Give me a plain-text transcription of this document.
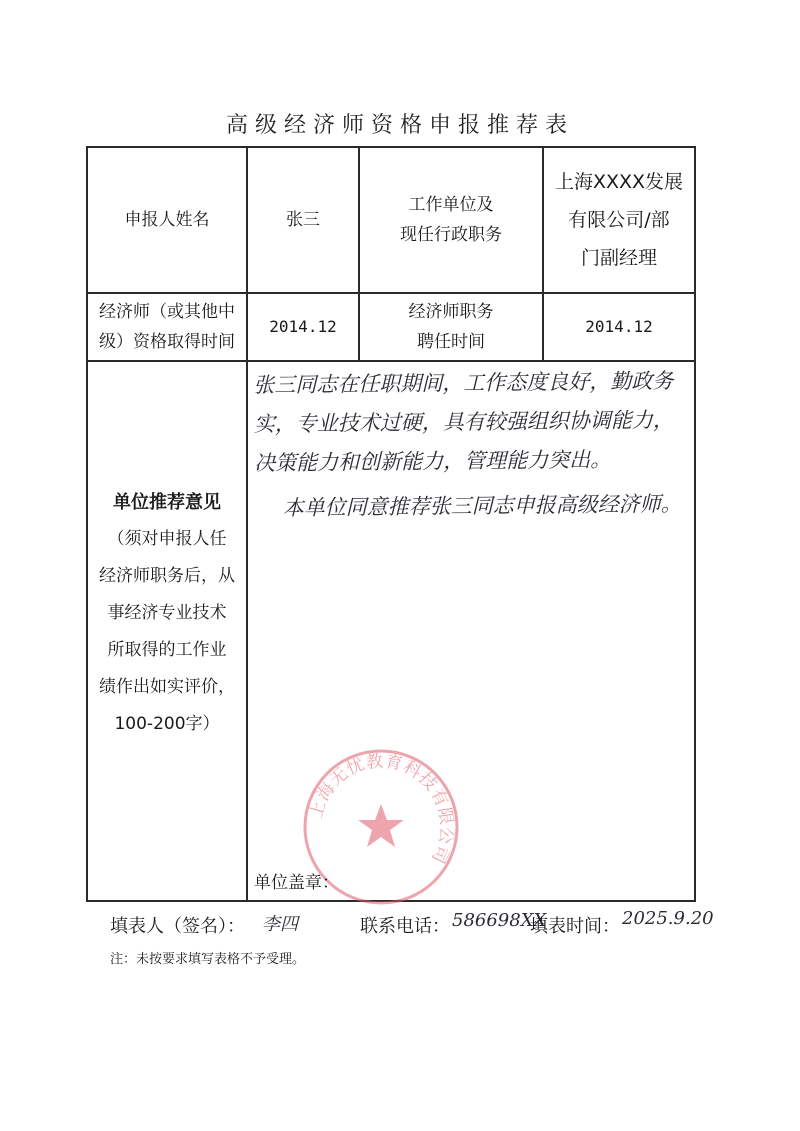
高级经济师资格申报推荐表
申报人姓名	张三
工作单位及
现任行政职务
上海XXXX发展
有限公司/部
门副经理
经济师（或其他中
级）资格取得时间
2014.12
经济师职务
聘任时间
2014.12
单位推荐意见
（须对申报人任
经济师职务后，从
事经济专业技术
所取得的工作业
绩作出如实评价，
100-200字）

张三同志在任职期间，工作态度良好，勤政务实，专业技术过硬，具有较强组织协调能力，决策能力和创新能力，管理能力突出。

本单位同意推荐张三同志申报高级经济师。

上海无忧教育科技有限公司
单位盖章：
填表人（签名）： 李四	联系电话： 586698XX
填表时间： 2025.9.20
注：未按要求填写表格不予受理。
